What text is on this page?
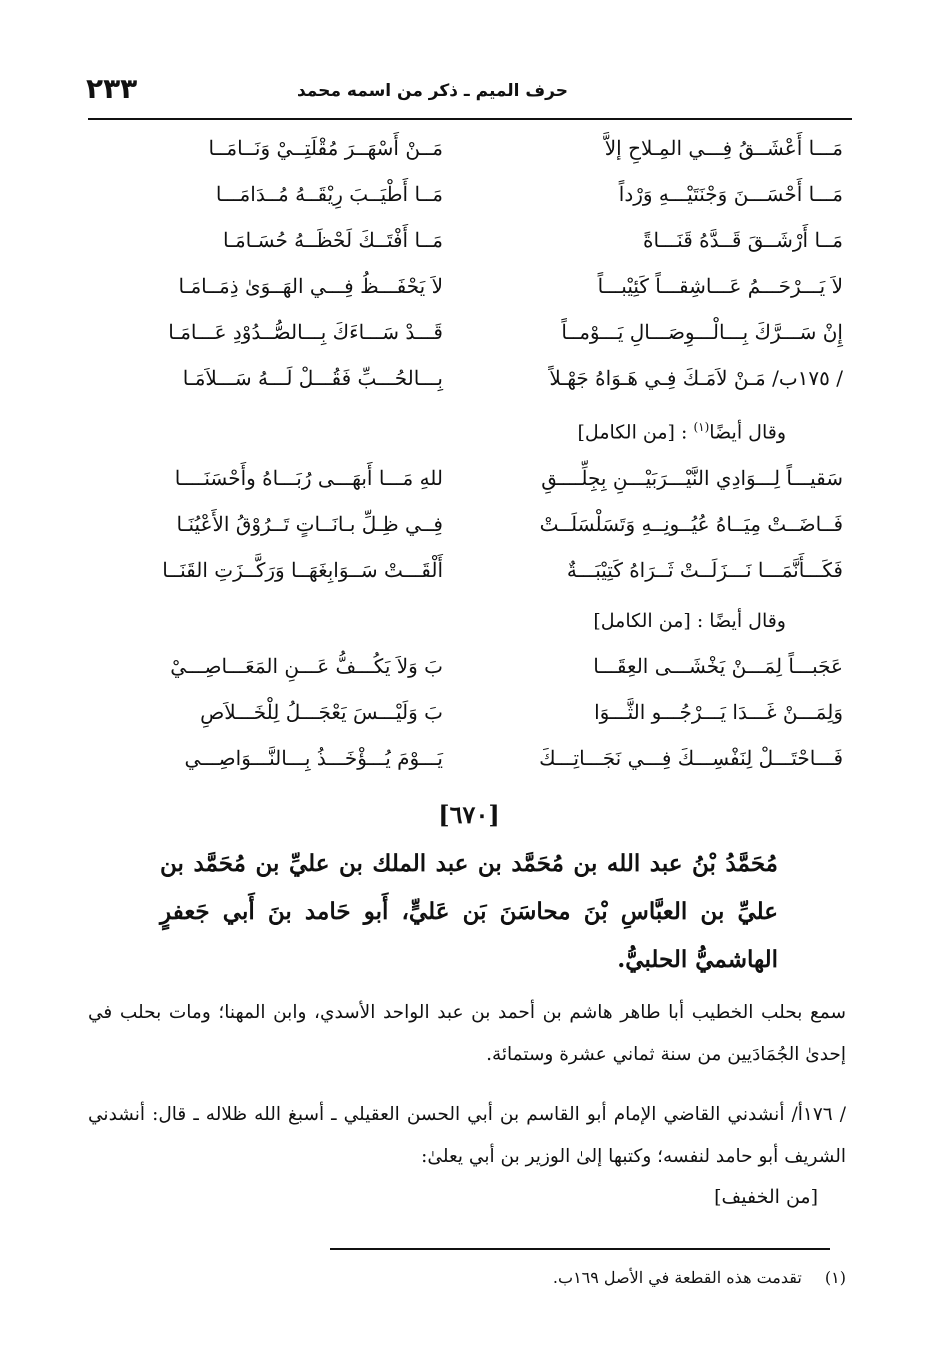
٢٣٣	حرف الميم ـ ذكر من اسمه محمد
مَـــا أَعْشَــقُ فِـــي المِـلاحِ إلاَّ
مَــنْ أَسْهَــرَ مُقْلَتِــيْ وَنَــامَــا
مَـــا أَحْسَـــنَ وَجْنَتَيْـــهِ وَرْداً
مَــا أَطْيَــبَ رِيْقَــهُ مُــدَامَـــا
مَــا أَرْشَــقَ قَــدَّهُ قَنَـــاةً
مَــا أَفْتَــكَ لَحْظَــهُ حُسَـامَـا
لاَ يَـــرْحَـــمُ عَـــاشِقـــاً كَئِيْبـــاً
لاَ يَحْفَـــظُ فِـــي الهَــوَىٰ ذِمَــامَـا
إِنْ سَـــرَّكَ بِـــالْـــوِصَـــالِ يَـــوْمــاً
قَـــدْ سَـــاءَكَ بِـــالصُّــدُوْدِ عَـــامَـا
/ ١٧٥ب/ مَـنْ لاَمَـكَ فِـي هَـوَاهُ جَهْـلاً
بِـــالحُـــبِّ فَقُـــلْ لَـــهُ سَـــلاَمَـا
وقال أيضًا$^{(١)}$ : [من الكامل]
سَقيـــاً لِـــوَادِي النَّيْـــرَبَيْـــنِ بِجِلِّــــقِ
للهِ مَـــا أَبهَـــى رُبَـــاهُ وأَحْسَنَــــا
فَــاضَــتْ مِيَــاهُ عُيُــونِــهِ وَتَسَلْسَلَــتْ
فِــي ظِـلِّ بـانَــاتٍ تَــرُوْقُ الأَعْيُنَـا
فَكَـــأَنَّمَـــا نَـــزَلَــتْ ثَــرَاهُ كَتِيْبَـــةٌ
أَلْقَـــتْ سَــوَابِغَهَــا وَرَكَّــزَتِ القَنَــا
وقال أيضًا : [من الكامل]
عَجَبـــاً لِمَـــنْ يَخْشَـــى العِقَـــا
بَ وَلاَ يَكُـــفُّ عَـــنِ المَعَـــاصِـــيْ
وَلِمَـــنْ غَـــدَا يَـــرْجُـــو الثَّـــوَا
بَ وَلَيْـــسَ يَعْجَـــلُ لِلْخَـــلاَصِ
فَـــاحْتَـــلْ لِنَفْسِـــكَ فِـــي نَجَـــاتِـــكَ
يَـــوْمَ يُـــؤْخَـــذُ بِـــالنَّـــوَاصِـــي
[٦٧٠]
مُحَمَّدُ بْنُ عبد الله بن مُحَمَّد بن عبد الملك بن عليِّ بن مُحَمَّد بن عليِّ بن العبَّاسِ بْنَ محاسَنَ بَن عَليٍّ، أَبو حَامد بنَ أَبي جَعفرٍ الهاشميُّ الحلبيُّ.
سمع بحلب الخطيب أبا طاهر هاشم بن أحمد بن عبد الواحد الأسدي، وابن المهنا؛ ومات بحلب في إحدىٰ الجُمَادَيين من سنة ثماني عشرة وستمائة.
/ ١٧٦أ/ أنشدني القاضي الإمام أبو القاسم بن أبي الحسن العقيلي ـ أسبغ الله ظلاله ـ قال: أنشدني الشريف أبو حامد لنفسه؛ وكتبها إلىٰ الوزير بن أبي يعلىٰ:
[من الخفيف]
(١) تقدمت هذه القطعة في الأصل ١٦٩ب.
